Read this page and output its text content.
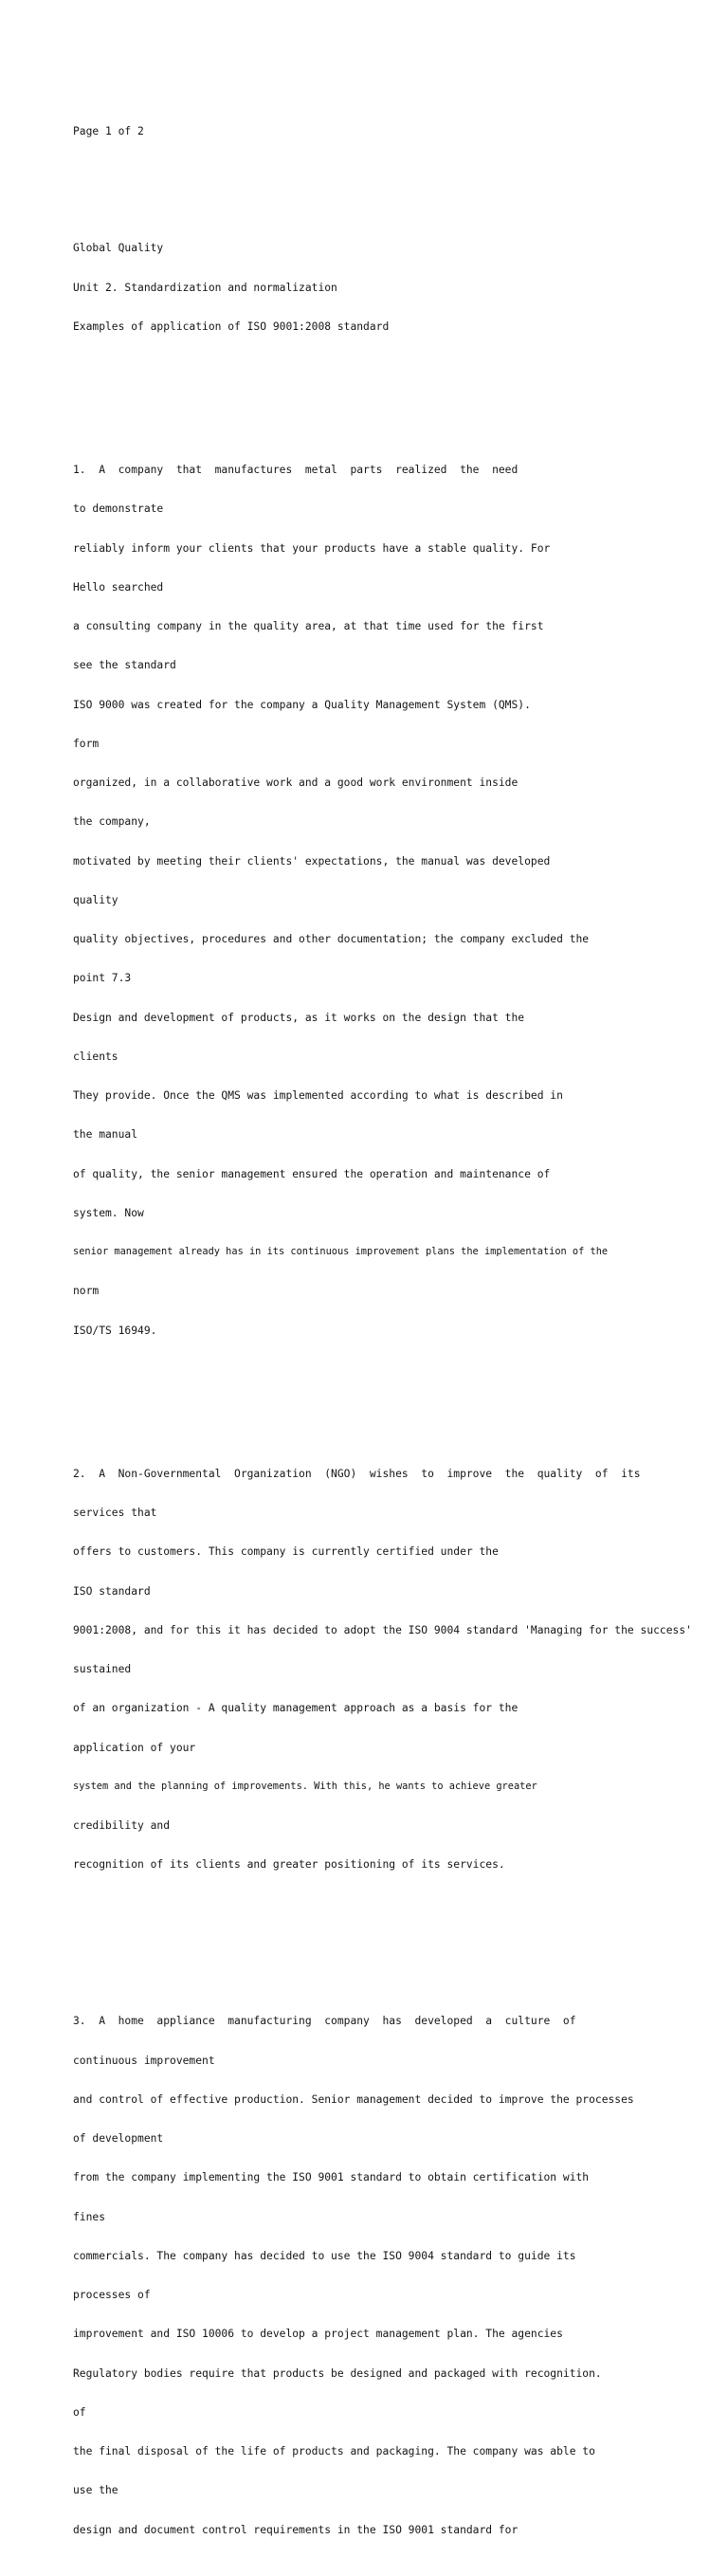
Page 1 of 2

Global Quality

Unit 2. Standardization and normalization

Examples of application of ISO 9001:2008 standard

1.  A  company  that  manufactures  metal  parts  realized  the  need

to demonstrate

reliably inform your clients that your products have a stable quality. For

Hello searched

a consulting company in the quality area, at that time used for the first

see the standard

ISO 9000 was created for the company a Quality Management System (QMS).

form

organized, in a collaborative work and a good work environment inside

the company,

motivated by meeting their clients' expectations, the manual was developed

quality

quality objectives, procedures and other documentation; the company excluded the

point 7.3

Design and development of products, as it works on the design that the

clients

They provide. Once the QMS was implemented according to what is described in

the manual

of quality, the senior management ensured the operation and maintenance of

system. Now

senior management already has in its continuous improvement plans the implementation of the

norm

ISO/TS 16949.

2.  A  Non-Governmental  Organization  (NGO)  wishes  to  improve  the  quality  of  its

services that

offers to customers. This company is currently certified under the

ISO standard

9001:2008, and for this it has decided to adopt the ISO 9004 standard 'Managing for the success'

sustained

of an organization - A quality management approach as a basis for the

application of your

system and the planning of improvements. With this, he wants to achieve greater

credibility and

recognition of its clients and greater positioning of its services.

3.  A  home  appliance  manufacturing  company  has  developed  a  culture  of

continuous improvement

and control of effective production. Senior management decided to improve the processes

of development

from the company implementing the ISO 9001 standard to obtain certification with

fines

commercials. The company has decided to use the ISO 9004 standard to guide its

processes of

improvement and ISO 10006 to develop a project management plan. The agencies

Regulatory bodies require that products be designed and packaged with recognition.

of

the final disposal of the life of products and packaging. The company was able to

use the

design and document control requirements in the ISO 9001 standard for
